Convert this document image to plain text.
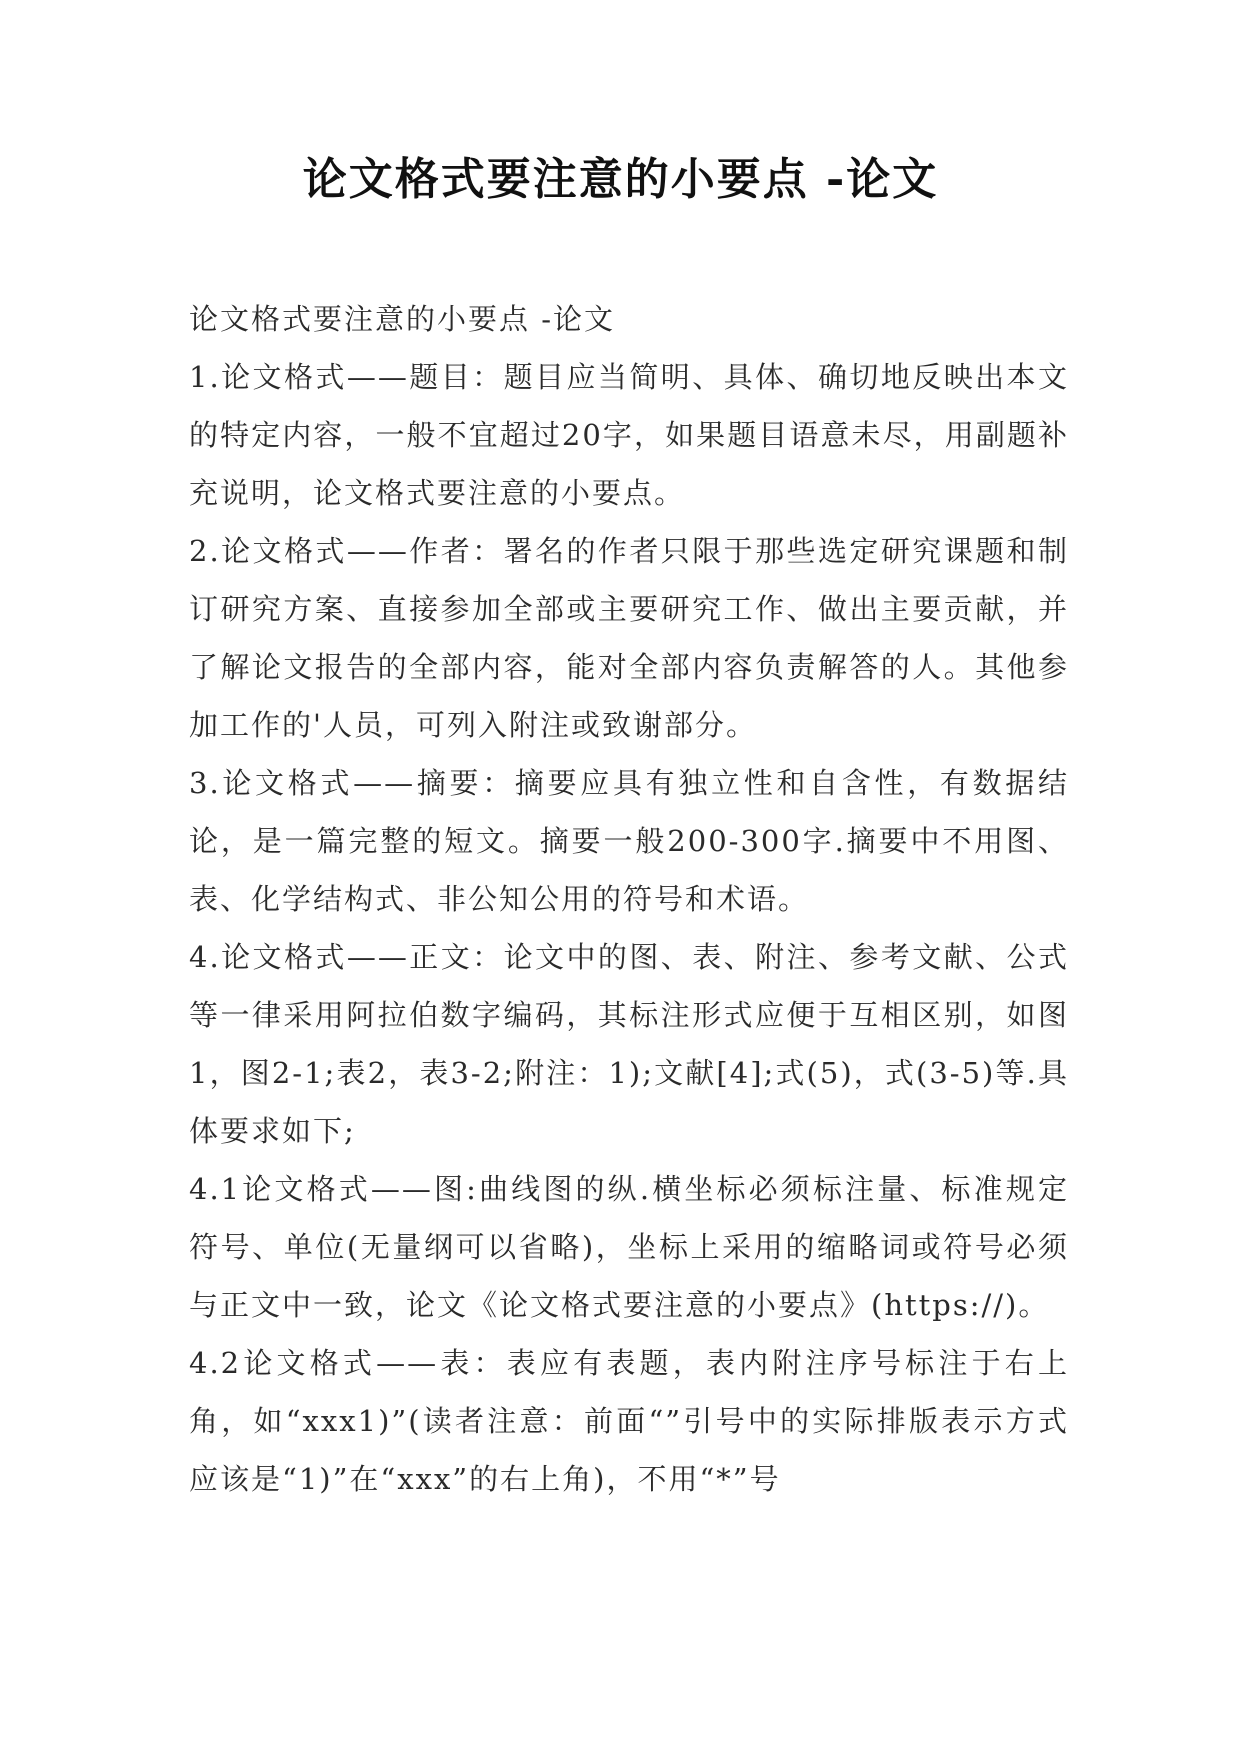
论文格式要注意的小要点 -论文

论文格式要注意的小要点 -论文

1.论文格式——题目：题目应当简明、具体、确切地反映出本文的特定内容，一般不宜超过20字，如果题目语意未尽，用副题补充说明，论文格式要注意的小要点。

2.论文格式——作者：署名的作者只限于那些选定研究课题和制订研究方案、直接参加全部或主要研究工作、做出主要贡献，并了解论文报告的全部内容，能对全部内容负责解答的人。其他参加工作的'人员，可列入附注或致谢部分。

3.论文格式——摘要：摘要应具有独立性和自含性，有数据结论，是一篇完整的短文。摘要一般200-300字.摘要中不用图、表、化学结构式、非公知公用的符号和术语。

4.论文格式——正文：论文中的图、表、附注、参考文献、公式等一律采用阿拉伯数字编码，其标注形式应便于互相区别，如图1，图2-1;表2，表3-2;附注：1);文献[4];式(5)，式(3-5)等.具体要求如下;

4.1论文格式——图:曲线图的纵.横坐标必须标注量、标准规定符号、单位(无量纲可以省略)，坐标上采用的缩略词或符号必须与正文中一致，论文《论文格式要注意的小要点》(https://)。

4.2论文格式——表：表应有表题，表内附注序号标注于右上角，如“xxx1)”(读者注意：前面“”引号中的实际排版表示方式应该是“1)”在“xxx”的右上角)，不用“*”号
